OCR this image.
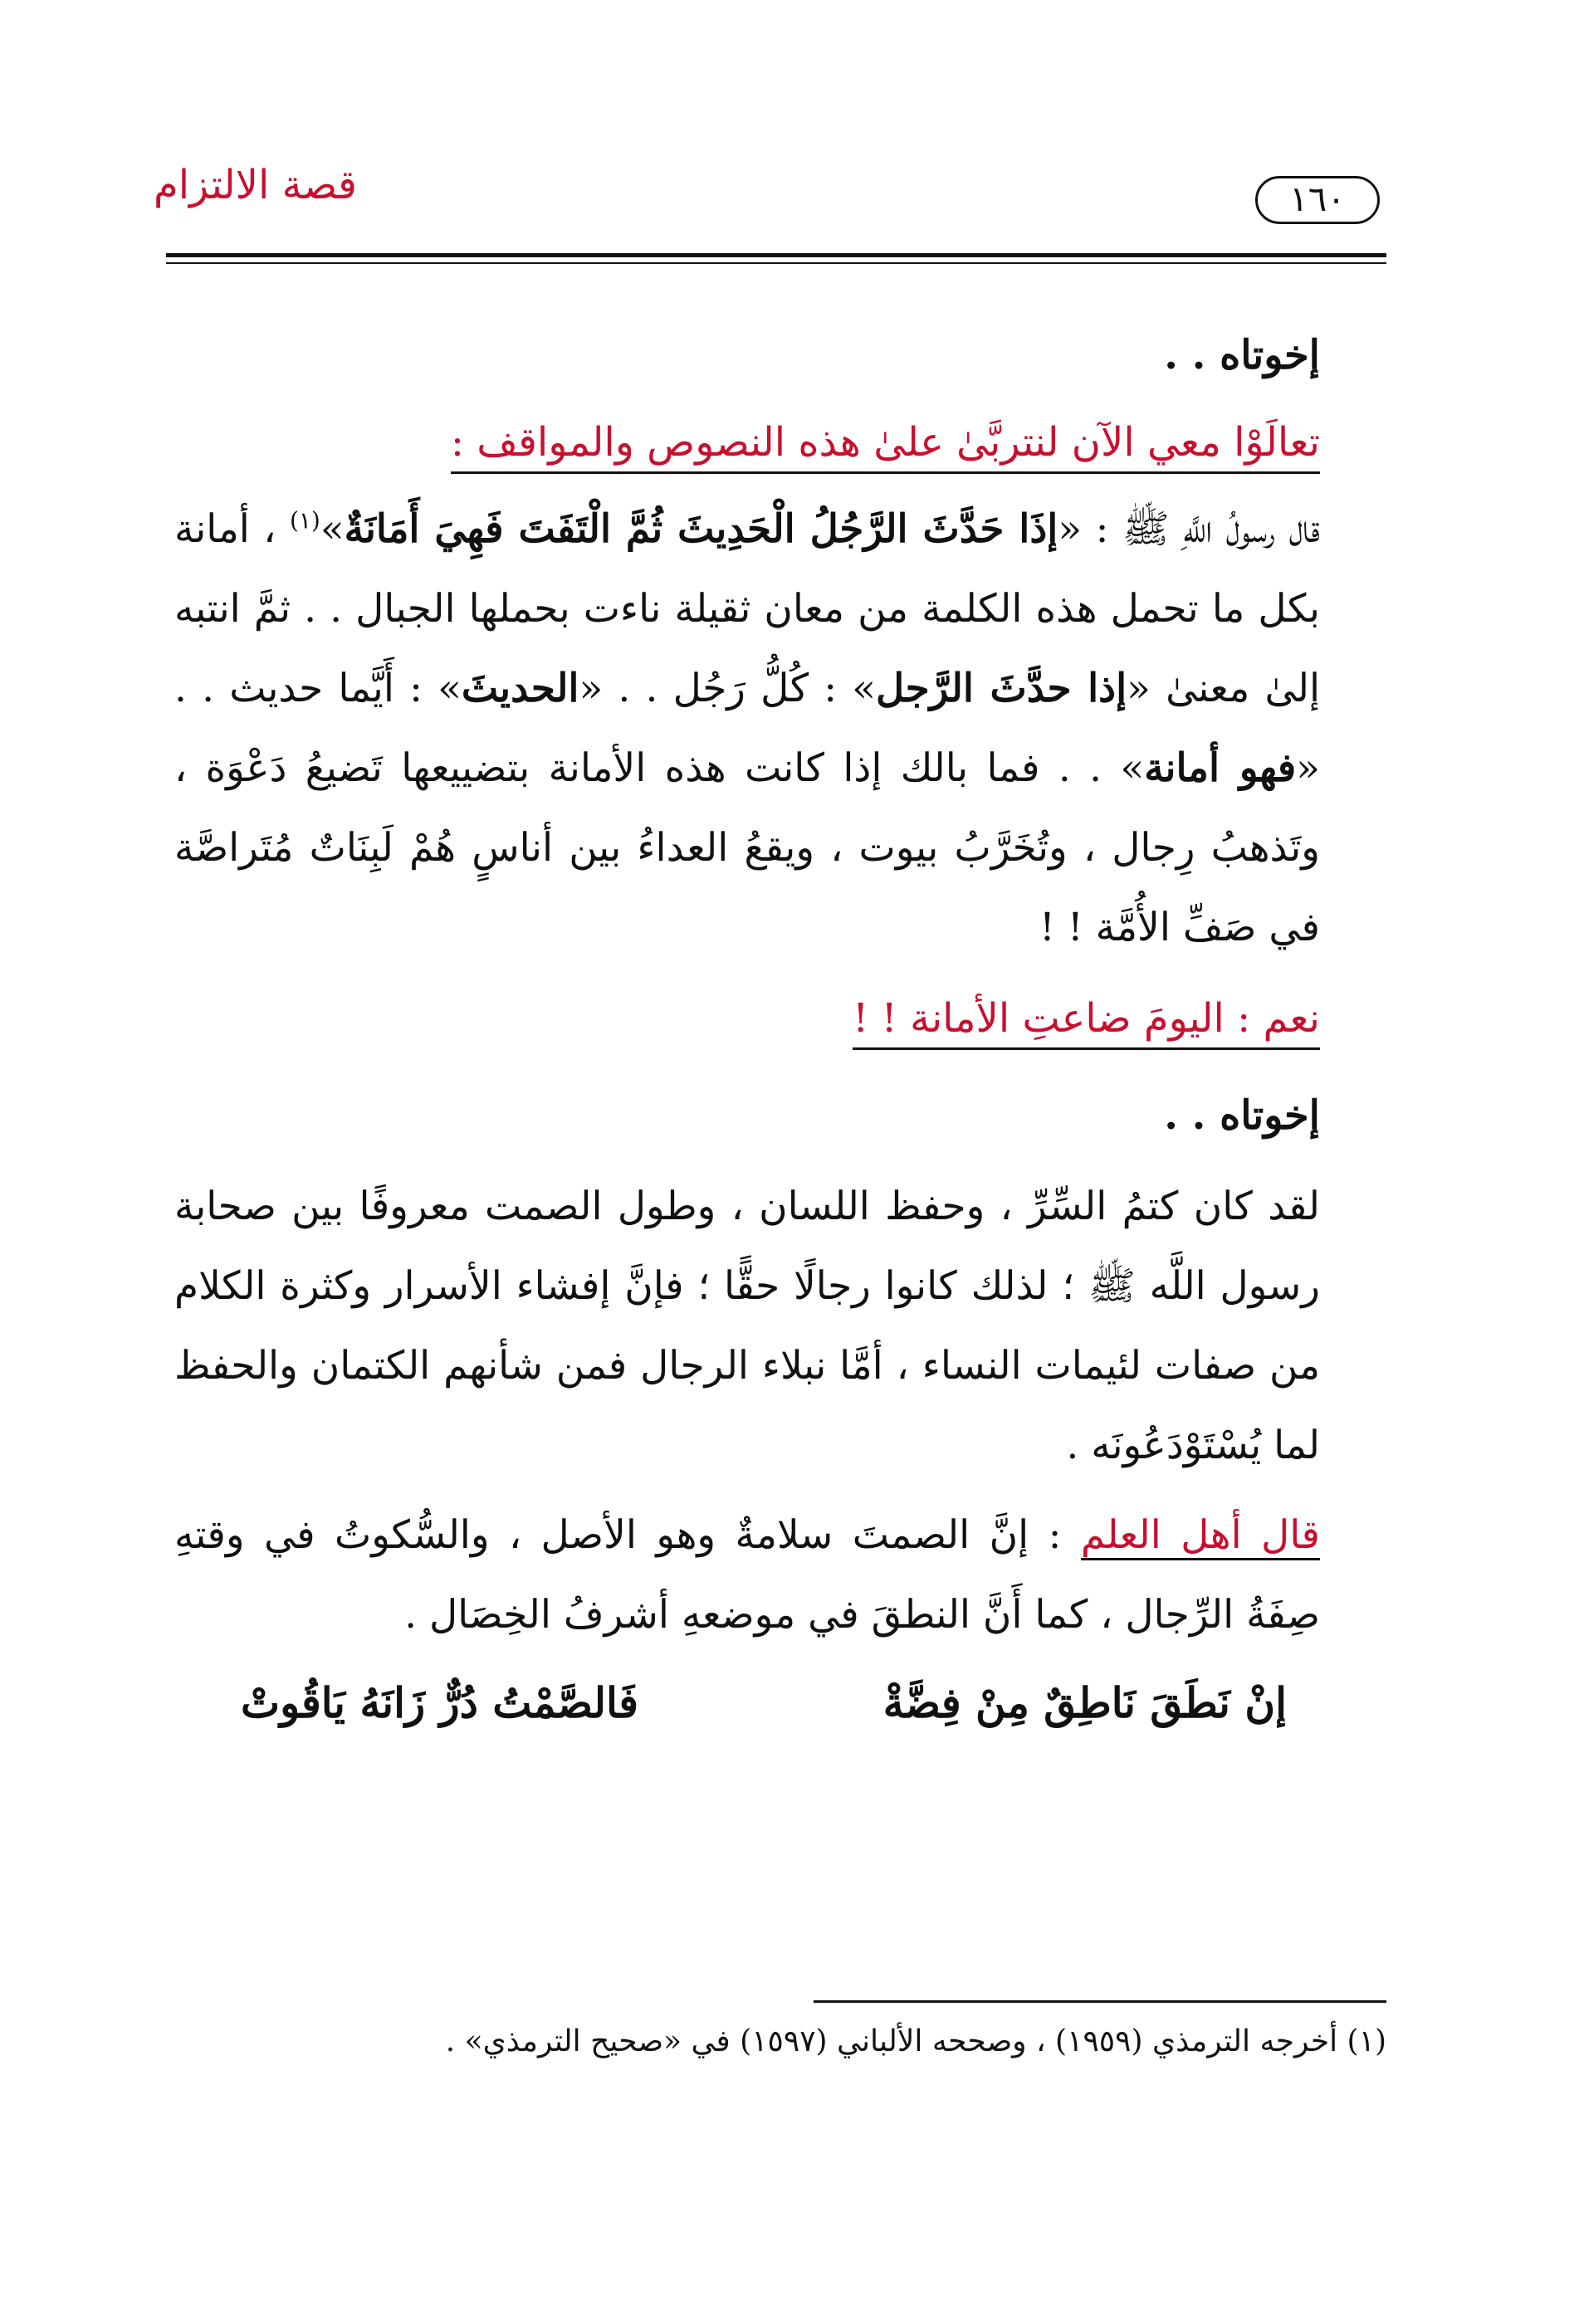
قصة الالتزام	١٦٠
إخوتاه . .
تعالَوْا معي الآن لنتربَّىٰ علىٰ هذه النصوص والمواقف :

قال رسولُ اللَّهِ ﷺ : «إذَا حَدَّثَ الرَّجُلُ الْحَدِيثَ ثُمَّ الْتَفَتَ فَهِيَ أَمَانَةٌ»$^{(١)}$ ، أمانة بكل ما تحمل هذه الكلمة من معان ثقيلة ناءت بحملها الجبال . . ثمَّ انتبه إلىٰ معنىٰ «إذا حدَّثَ الرَّجل» : كُلُّ رَجُل . . «الحديثَ» : أَيَّما حديث . . «فهو أمانة» . . فما بالك إذا كانت هذه الأمانة بتضييعها تَضيعُ دَعْوَة ، وتَذهبُ رِجال ، وتُخَرَّبُ بيوت ، ويقعُ العداءُ بين أناسٍ هُمْ لَبِنَاتٌ مُتَراصَّة في صَفِّ الأُمَّة ! !

نعم : اليومَ ضاعتِ الأمانة ! !
إخوتاه . .

لقد كان كتمُ السِّرِّ ، وحفظ اللسان ، وطول الصمت معروفًا بين صحابة رسول اللَّه ﷺ ؛ لذلك كانوا رجالًا حقًّا ؛ فإنَّ إفشاء الأسرار وكثرة الكلام من صفات لئيمات النساء ، أمَّا نبلاء الرجال فمن شأنهم الكتمان والحفظ لما يُسْتَوْدَعُونَه .

قال أهل العلم : إنَّ الصمتَ سلامةٌ وهو الأصل ، والسُّكوتُ في وقتهِ صِفَةُ الرِّجال ، كما أَنَّ النطقَ في موضعهِ أشرفُ الخِصَال .

إنْ نَطَقَ نَاطِقٌ مِنْ فِضَّةْ
فَالصَّمْتُ دُرٌّ زَانَهُ يَاقُوتْ
(١) أخرجه الترمذي (١٩٥٩) ، وصححه الألباني (١٥٩٧) في «صحيح الترمذي» .
